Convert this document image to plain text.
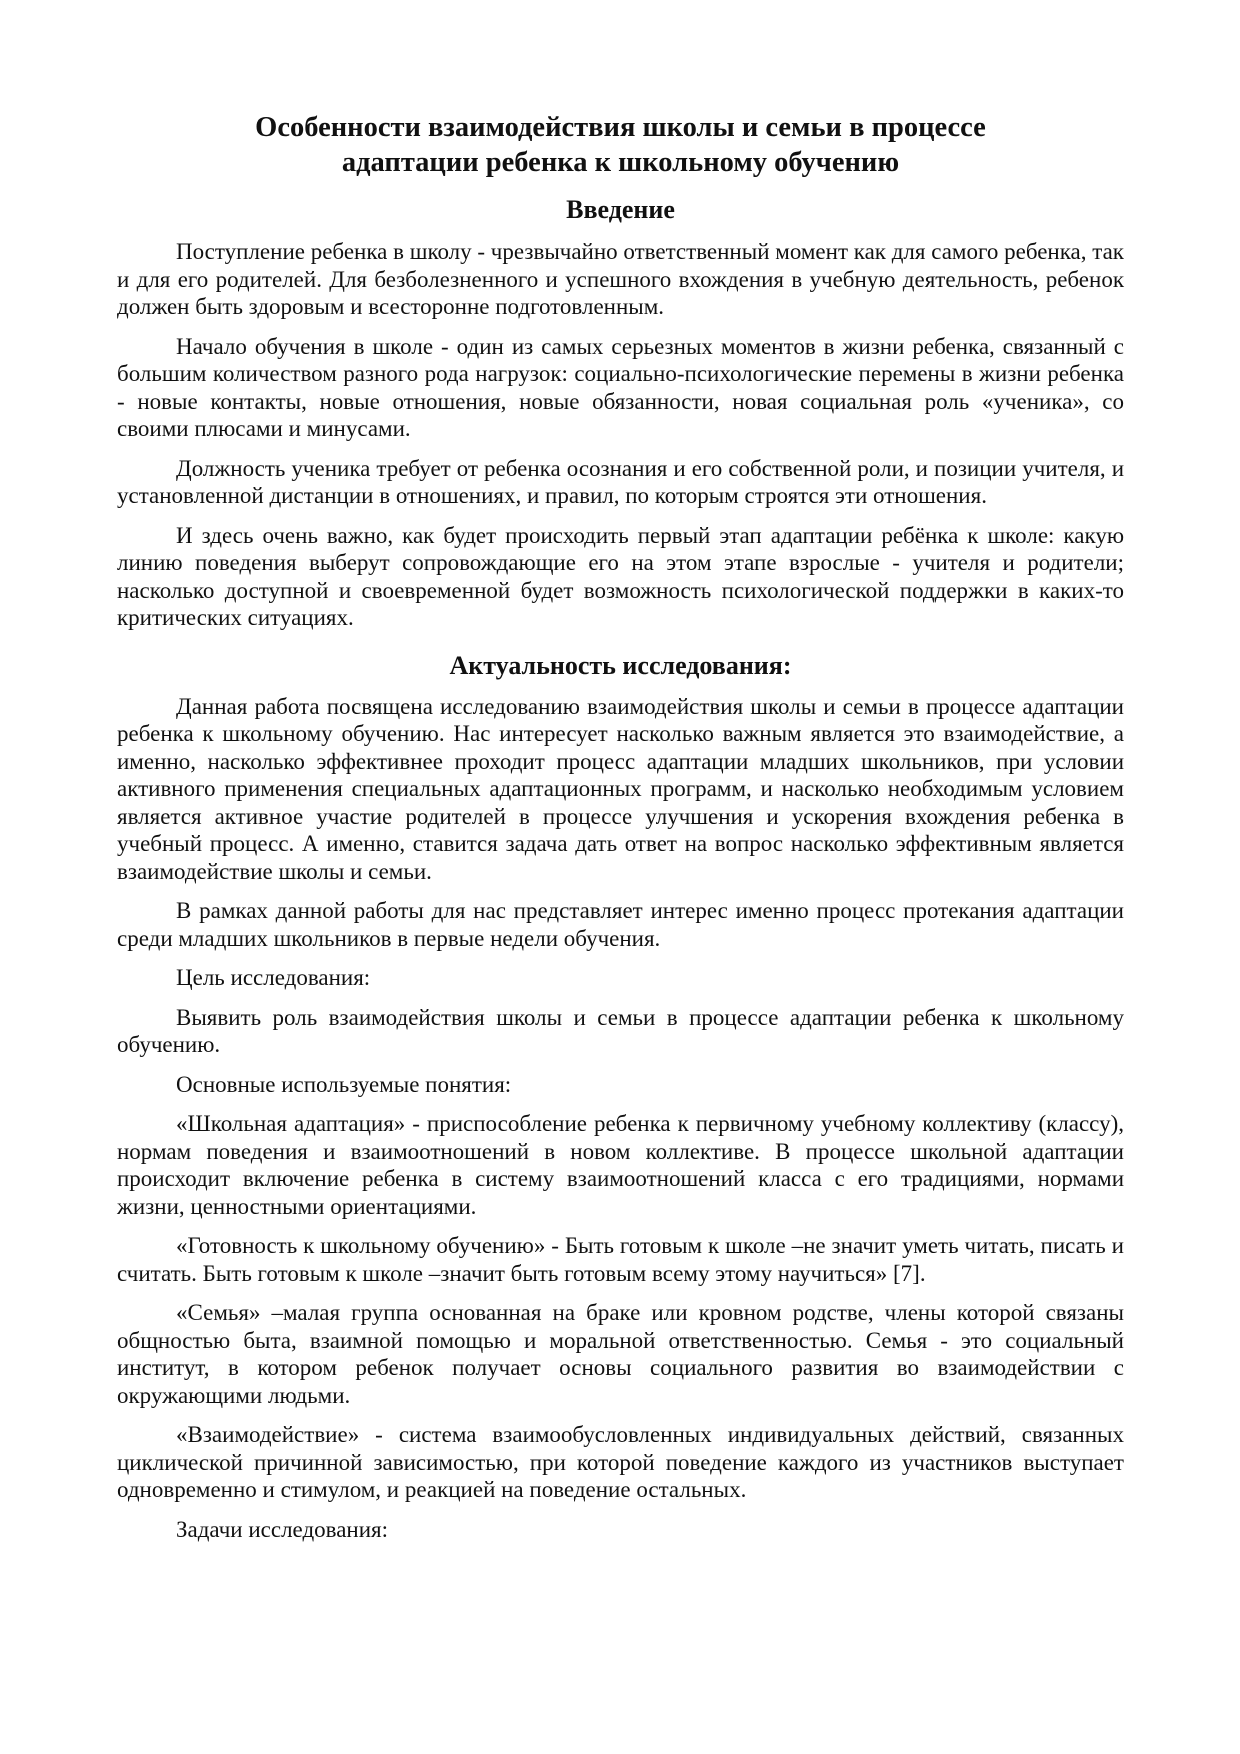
Особенности взаимодействия школы и семьи в процессе
адаптации ребенка к школьному обучению
Введение

Поступление ребенка в школу - чрезвычайно ответственный момент как для самого ребенка, так и для его родителей. Для безболезненного и успешного вхождения в учебную деятельность, ребенок должен быть здоровым и всесторонне подготовленным.

Начало обучения в школе - один из самых серьезных моментов в жизни ребенка, связанный с большим количеством разного рода нагрузок: социально-психологические перемены в жизни ребенка - новые контакты, новые отношения, новые обязанности, новая социальная роль «ученика», со своими плюсами и минусами.

Должность ученика требует от ребенка осознания и его собственной роли, и позиции учителя, и установленной дистанции в отношениях, и правил, по которым строятся эти отношения.

И здесь очень важно, как будет происходить первый этап адаптации ребёнка к школе: какую линию поведения выберут сопровождающие его на этом этапе взрослые - учителя и родители; насколько доступной и своевременной будет возможность психологической поддержки в каких-то критических ситуациях.

Актуальность исследования:

Данная работа посвящена исследованию взаимодействия школы и семьи в процессе адаптации ребенка к школьному обучению. Нас интересует насколько важным является это взаимодействие, а именно, насколько эффективнее проходит процесс адаптации младших школьников, при условии активного применения специальных адаптационных программ, и насколько необходимым условием является активное участие родителей в процессе улучшения и ускорения вхождения ребенка в учебный процесс. А именно, ставится задача дать ответ на вопрос насколько эффективным является взаимодействие школы и семьи.

В рамках данной работы для нас представляет интерес именно процесс протекания адаптации среди младших школьников в первые недели обучения.

Цель исследования:

Выявить роль взаимодействия школы и семьи в процессе адаптации ребенка к школьному обучению.

Основные используемые понятия:

«Школьная адаптация» - приспособление ребенка к первичному учебному коллективу (классу), нормам поведения и взаимоотношений в новом коллективе. В процессе школьной адаптации происходит включение ребенка в систему взаимоотношений класса с его традициями, нормами жизни, ценностными ориентациями.

«Готовность к школьному обучению» - Быть готовым к школе –не значит уметь читать, писать и считать. Быть готовым к школе –значит быть готовым всему этому научиться» [7].

«Семья» –малая группа основанная на браке или кровном родстве, члены которой связаны общностью быта, взаимной помощью и моральной ответственностью. Семья - это социальный институт, в котором ребенок получает основы социального развития во взаимодействии с окружающими людьми.

«Взаимодействие» - система взаимообусловленных индивидуальных действий, связанных циклической причинной зависимостью, при которой поведение каждого из участников выступает одновременно и стимулом, и реакцией на поведение остальных.

Задачи исследования:
